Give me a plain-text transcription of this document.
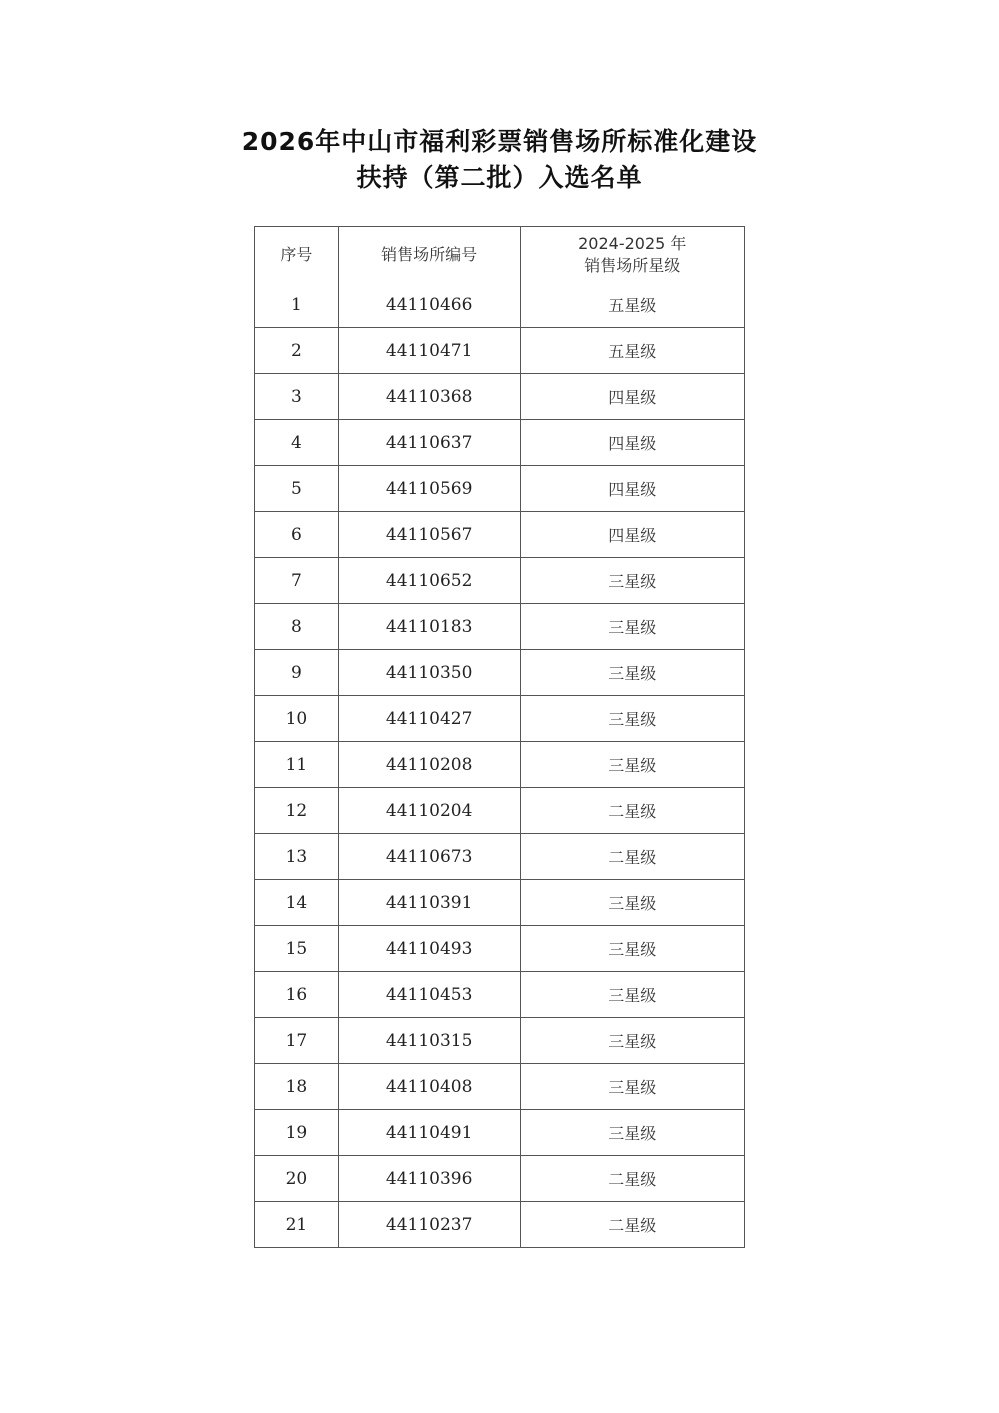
2026年中山市福利彩票销售场所标准化建设
扶持（第二批）入选名单
序号	销售场所编号	2024-2025 年
销售场所星级

1	44110466	五星级
2	44110471	五星级
3	44110368	四星级
4	44110637	四星级
5	44110569	四星级
6	44110567	四星级
7	44110652	三星级
8	44110183	三星级
9	44110350	三星级
10	44110427	三星级
11	44110208	三星级
12	44110204	二星级
13	44110673	二星级
14	44110391	三星级
15	44110493	三星级
16	44110453	三星级
17	44110315	三星级
18	44110408	三星级
19	44110491	三星级
20	44110396	二星级
21	44110237	二星级
